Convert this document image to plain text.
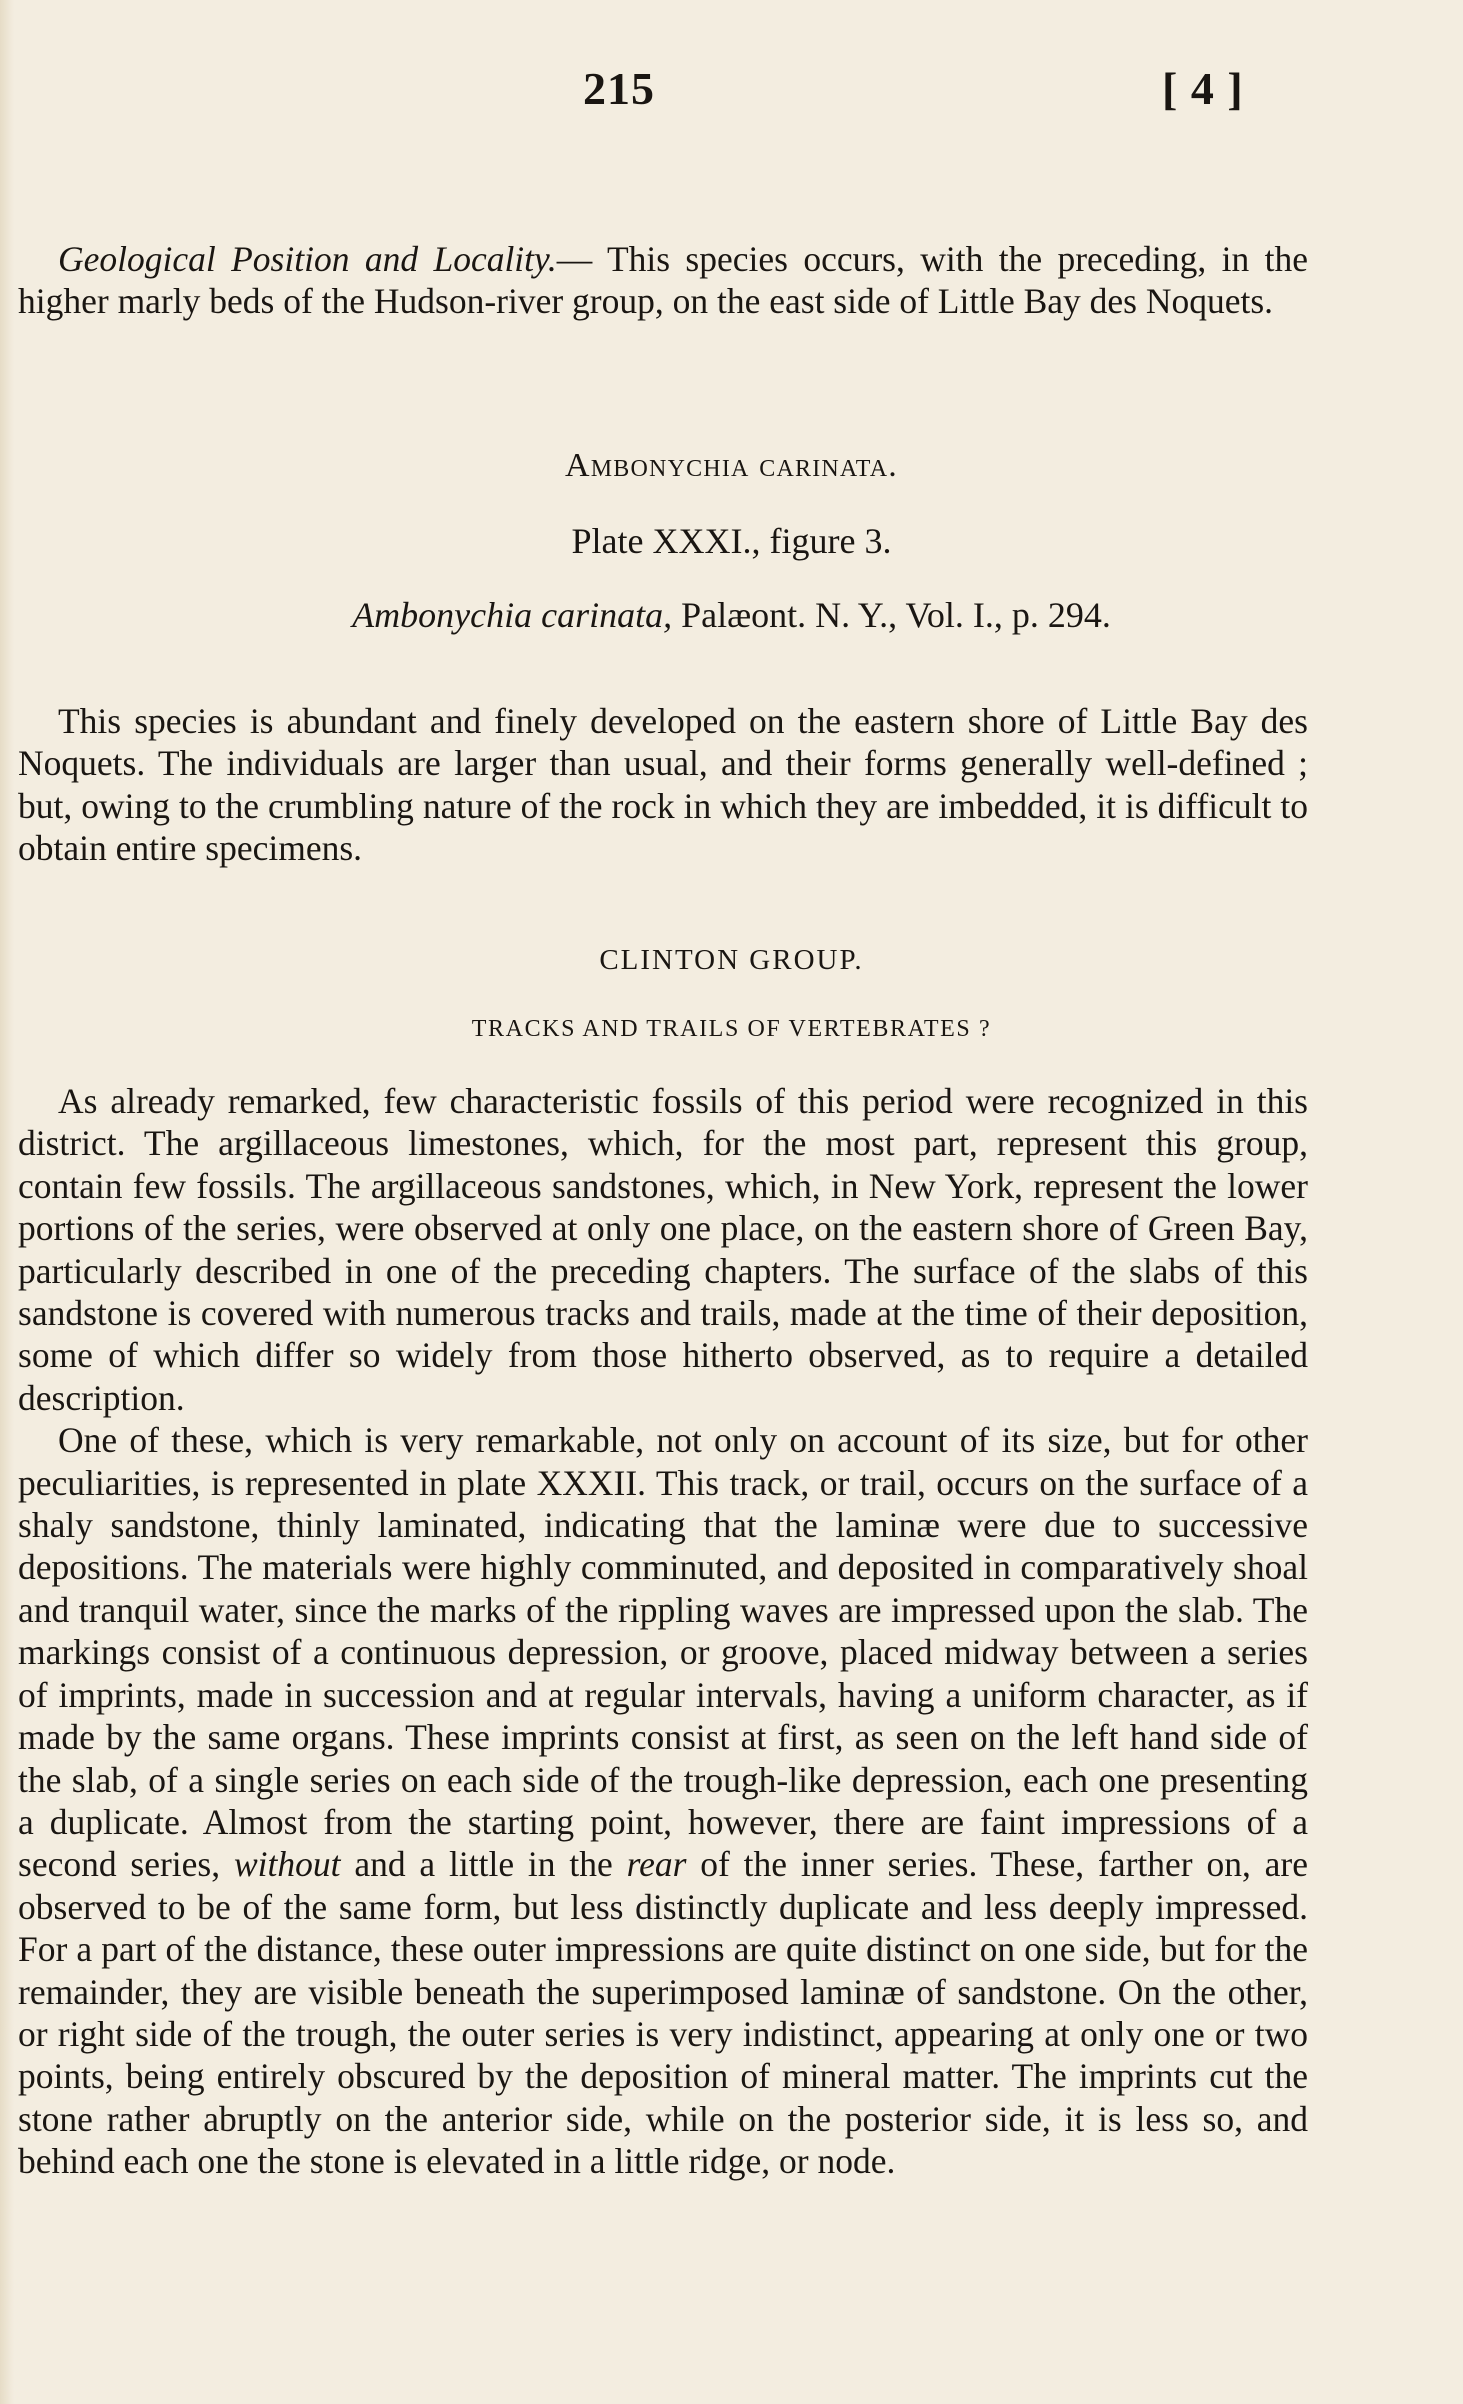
215	[ 4 ]

Geological Position and Locality.— This species occurs, with the preceding, in the higher marly beds of the Hudson-river group, on the east side of Little Bay des Noquets.

Ambonychia carinata.
Plate XXXI., figure 3.
Ambonychia carinata, Palæont. N. Y., Vol. I., p. 294.

This species is abundant and finely developed on the eastern shore of Little Bay des Noquets. The individuals are larger than usual, and their forms generally well-defined ; but, owing to the crumbling nature of the rock in which they are imbedded, it is difficult to obtain entire specimens.

CLINTON GROUP.
TRACKS AND TRAILS OF VERTEBRATES ?

As already remarked, few characteristic fossils of this period were recognized in this district. The argillaceous limestones, which, for the most part, represent this group, contain few fossils. The argillaceous sandstones, which, in New York, represent the lower portions of the series, were observed at only one place, on the eastern shore of Green Bay, particularly described in one of the preceding chapters. The surface of the slabs of this sandstone is covered with numerous tracks and trails, made at the time of their deposition, some of which differ so widely from those hitherto observed, as to require a detailed description.

One of these, which is very remarkable, not only on account of its size, but for other peculiarities, is represented in plate XXXII. This track, or trail, occurs on the surface of a shaly sandstone, thinly laminated, indicating that the laminæ were due to successive depositions. The materials were highly comminuted, and deposited in comparatively shoal and tranquil water, since the marks of the rippling waves are impressed upon the slab. The markings consist of a continuous depression, or groove, placed midway between a series of imprints, made in succession and at regular intervals, having a uniform character, as if made by the same organs. These imprints consist at first, as seen on the left hand side of the slab, of a single series on each side of the trough-like depression, each one presenting a duplicate. Almost from the starting point, however, there are faint impressions of a second series, without and a little in the rear of the inner series. These, farther on, are observed to be of the same form, but less distinctly duplicate and less deeply impressed. For a part of the distance, these outer impressions are quite distinct on one side, but for the remainder, they are visible beneath the superimposed laminæ of sandstone. On the other, or right side of the trough, the outer series is very indistinct, appearing at only one or two points, being entirely obscured by the deposition of mineral matter. The imprints cut the stone rather abruptly on the anterior side, while on the posterior side, it is less so, and behind each one the stone is elevated in a little ridge, or node.
